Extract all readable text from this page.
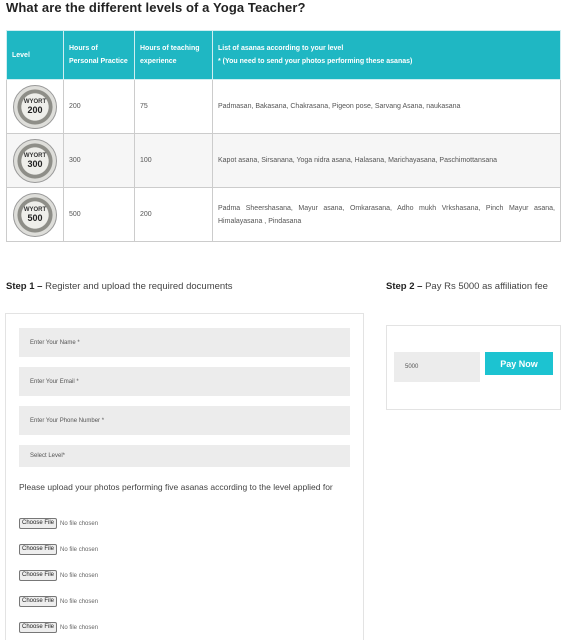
What are the different levels of a Yoga Teacher?
Level	Hours of Personal Practice	Hours of teaching experience	List of asanas according to your level
* (You need to send your photos performing these asanas)

WYORT
200	200	75	Padmasan, Bakasana, Chakrasana, Pigeon pose, Sarvang Asana, naukasana

WYORT
300	300	100	Kapot asana, Sirsanana, Yoga nidra asana, Halasana, Marichayasana, Paschimottansana

WYORT
500	500	200	Padma Sheershasana, Mayur asana, Omkarasana, Adho mukh Vrkshasana, Pinch Mayur asana, Himalayasana , Pindasana
Step 1 – Register and upload the required documents	Step 2 – Pay Rs 5000 as affiliation fee
Enter Your Name *
Enter Your Email *
Enter Your Phone Number *
Select Level*
Please upload your photos performing five asanas according to the level applied for
Choose File	No file chosen
Choose File	No file chosen
Choose File	No file chosen
Choose File	No file chosen
Choose File	No file chosen
5000	Pay Now
